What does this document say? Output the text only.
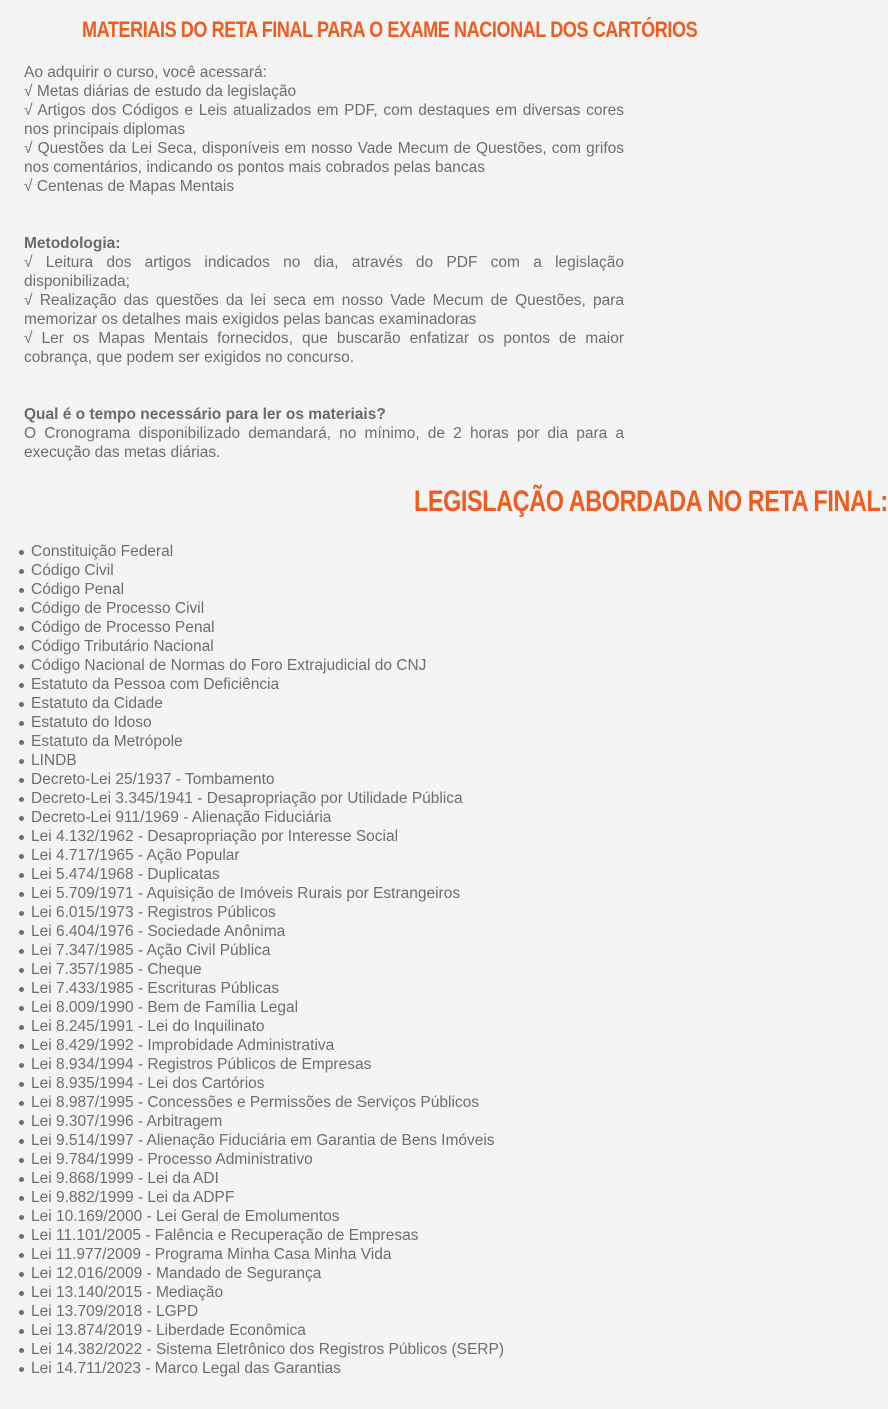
MATERIAIS DO RETA FINAL PARA O EXAME NACIONAL DOS CARTÓRIOS

Ao adquirir o curso, você acessará:

√ Metas diárias de estudo da legislação

√ Artigos dos Códigos e Leis atualizados em PDF, com destaques em diversas cores nos principais diplomas

√ Questões da Lei Seca, disponíveis em nosso Vade Mecum de Questões, com grifos nos comentários, indicando os pontos mais cobrados pelas bancas

√ Centenas de Mapas Mentais

Metodologia:

√ Leitura dos artigos indicados no dia, através do PDF com a legislação disponibilizada;

√ Realização das questões da lei seca em nosso Vade Mecum de Questões, para memorizar os detalhes mais exigidos pelas bancas examinadoras

√ Ler os Mapas Mentais fornecidos, que buscarão enfatizar os pontos de maior cobrança, que podem ser exigidos no concurso.

Qual é o tempo necessário para ler os materiais?

O Cronograma disponibilizado demandará, no mínimo, de 2 horas por dia para a execução das metas diárias.

LEGISLAÇÃO ABORDADA NO RETA FINAL:
Constituição Federal
Código Civil
Código Penal
Código de Processo Civil
Código de Processo Penal
Código Tributário Nacional
Código Nacional de Normas do Foro Extrajudicial do CNJ
Estatuto da Pessoa com Deficiência
Estatuto da Cidade
Estatuto do Idoso
Estatuto da Metrópole
LINDB
Decreto-Lei 25/1937 - Tombamento
Decreto-Lei 3.345/1941 - Desapropriação por Utilidade Pública
Decreto-Lei 911/1969 - Alienação Fiduciária
Lei 4.132/1962 - Desapropriação por Interesse Social
Lei 4.717/1965 - Ação Popular
Lei 5.474/1968 - Duplicatas
Lei 5.709/1971 - Aquisição de Imóveis Rurais por Estrangeiros
Lei 6.015/1973 - Registros Públicos
Lei 6.404/1976 - Sociedade Anônima
Lei 7.347/1985 - Ação Civil Pública
Lei 7.357/1985 - Cheque
Lei 7.433/1985 - Escrituras Públicas
Lei 8.009/1990 - Bem de Família Legal
Lei 8.245/1991 - Lei do Inquilinato
Lei 8.429/1992 - Improbidade Administrativa
Lei 8.934/1994 - Registros Públicos de Empresas
Lei 8.935/1994 - Lei dos Cartórios
Lei 8.987/1995 - Concessões e Permissões de Serviços Públicos
Lei 9.307/1996 - Arbitragem
Lei 9.514/1997 - Alienação Fiduciária em Garantia de Bens Imóveis
Lei 9.784/1999 - Processo Administrativo
Lei 9.868/1999 - Lei da ADI
Lei 9.882/1999 - Lei da ADPF
Lei 10.169/2000 - Lei Geral de Emolumentos
Lei 11.101/2005 - Falência e Recuperação de Empresas
Lei 11.977/2009 - Programa Minha Casa Minha Vida
Lei 12.016/2009 - Mandado de Segurança
Lei 13.140/2015 - Mediação
Lei 13.709/2018 - LGPD
Lei 13.874/2019 - Liberdade Econômica
Lei 14.382/2022 - Sistema Eletrônico dos Registros Públicos (SERP)
Lei 14.711/2023 - Marco Legal das Garantias
